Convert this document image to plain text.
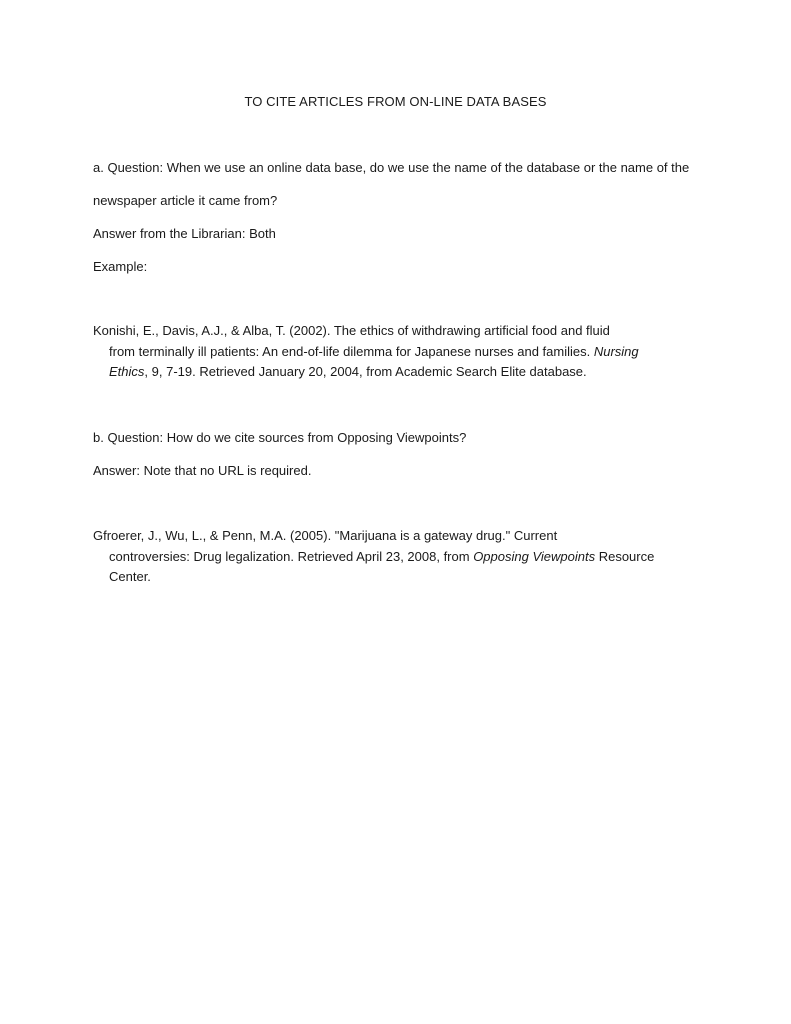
TO CITE ARTICLES FROM ON-LINE DATA BASES
a. Question: When we use an online data base, do we use the name of the database or the name of the
newspaper article it came from?
Answer from the Librarian: Both
Example:
Konishi, E., Davis, A.J., & Alba, T. (2002). The ethics of withdrawing artificial food and fluid
from terminally ill patients: An end-of-life dilemma for Japanese nurses and families. Nursing
Ethics, 9, 7-19. Retrieved January 20, 2004, from Academic Search Elite database.
b. Question: How do we cite sources from Opposing Viewpoints?
Answer: Note that no URL is required.
Gfroerer, J., Wu, L., & Penn, M.A. (2005). "Marijuana is a gateway drug." Current
controversies: Drug legalization. Retrieved April 23, 2008, from Opposing Viewpoints Resource
Center.
